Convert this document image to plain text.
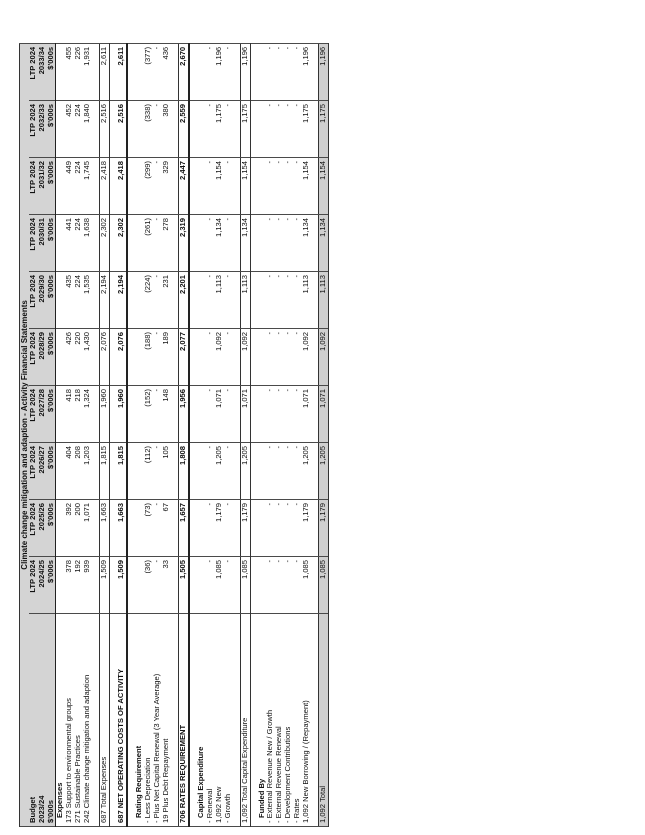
Climate change mitigation and adaption - Activity Financial Statements										
Budget	LTP 2024	LTP 2024	LTP 2024	LTP 2024	LTP 2024	LTP 2024	LTP 2024	LTP 2024	LTP 2024	LTP 2024
2023/24	2024/25	2025/26	2026/27	2027/28	2028/29	2029/30	2030/31	2031/32	2032/33	2033/34
$'000s	$'000s	$'000s	$'000s	$'000s	$'000s	$'000s	$'000s	$'000s	$'000s	$'000s
Expenses										
173 Support to environmental groups	378	392	404	418	426	435	441	449	452	455
271 Sustainable Practices	192	200	208	218	220	224	224	224	224	226
242 Climate change mitigation and adaption	939	1,071	1,203	1,324	1,430	1,535	1,638	1,745	1,840	1,931

687 Total Expenses	1,509	1,663	1,815	1,960	2,076	2,194	2,302	2,418	2,516	2,611

687 NET OPERATING COSTS OF ACTIVITY	1,509	1,663	1,815	1,960	2,076	2,194	2,302	2,418	2,516	2,611

Rating Requirement										
- Less Depreciation	(36)	(73)	(112)	(152)	(188)	(224)	(261)	(299)	(338)	(377)
- Plus Net Capital Renewal (3 Year Average)	-	-	-	-	-	-	-	-	-	-
19 Plus Debt Repayment	33	67	105	148	189	231	278	329	380	436

706 RATES REQUIREMENT	1,505	1,657	1,808	1,956	2,077	2,201	2,319	2,447	2,559	2,670

Capital Expenditure										
- Renewal	-	-	-	-	-	-	-	-	-	-
1,092 New	1,085	1,179	1,205	1,071	1,092	1,113	1,134	1,154	1,175	1,196
- Growth	-	-	-	-	-	-	-	-	-	-

1,092 Total Capital Expenditure	1,085	1,179	1,205	1,071	1,092	1,113	1,134	1,154	1,175	1,196

Funded By										
- External Revenue New / Growth	-	-	-	-	-	-	-	-	-	-
- External Revenue Renewal	-	-	-	-	-	-	-	-	-	-
- Development Contributions	-	-	-	-	-	-	-	-	-	-
- Rates	-	-	-	-	-	-	-	-	-	-
1,092 New Borrowing / (Repayment)	1,085	1,179	1,205	1,071	1,092	1,113	1,134	1,154	1,175	1,196

1,092 Total	1,085	1,179	1,205	1,071	1,092	1,113	1,134	1,154	1,175	1,196
